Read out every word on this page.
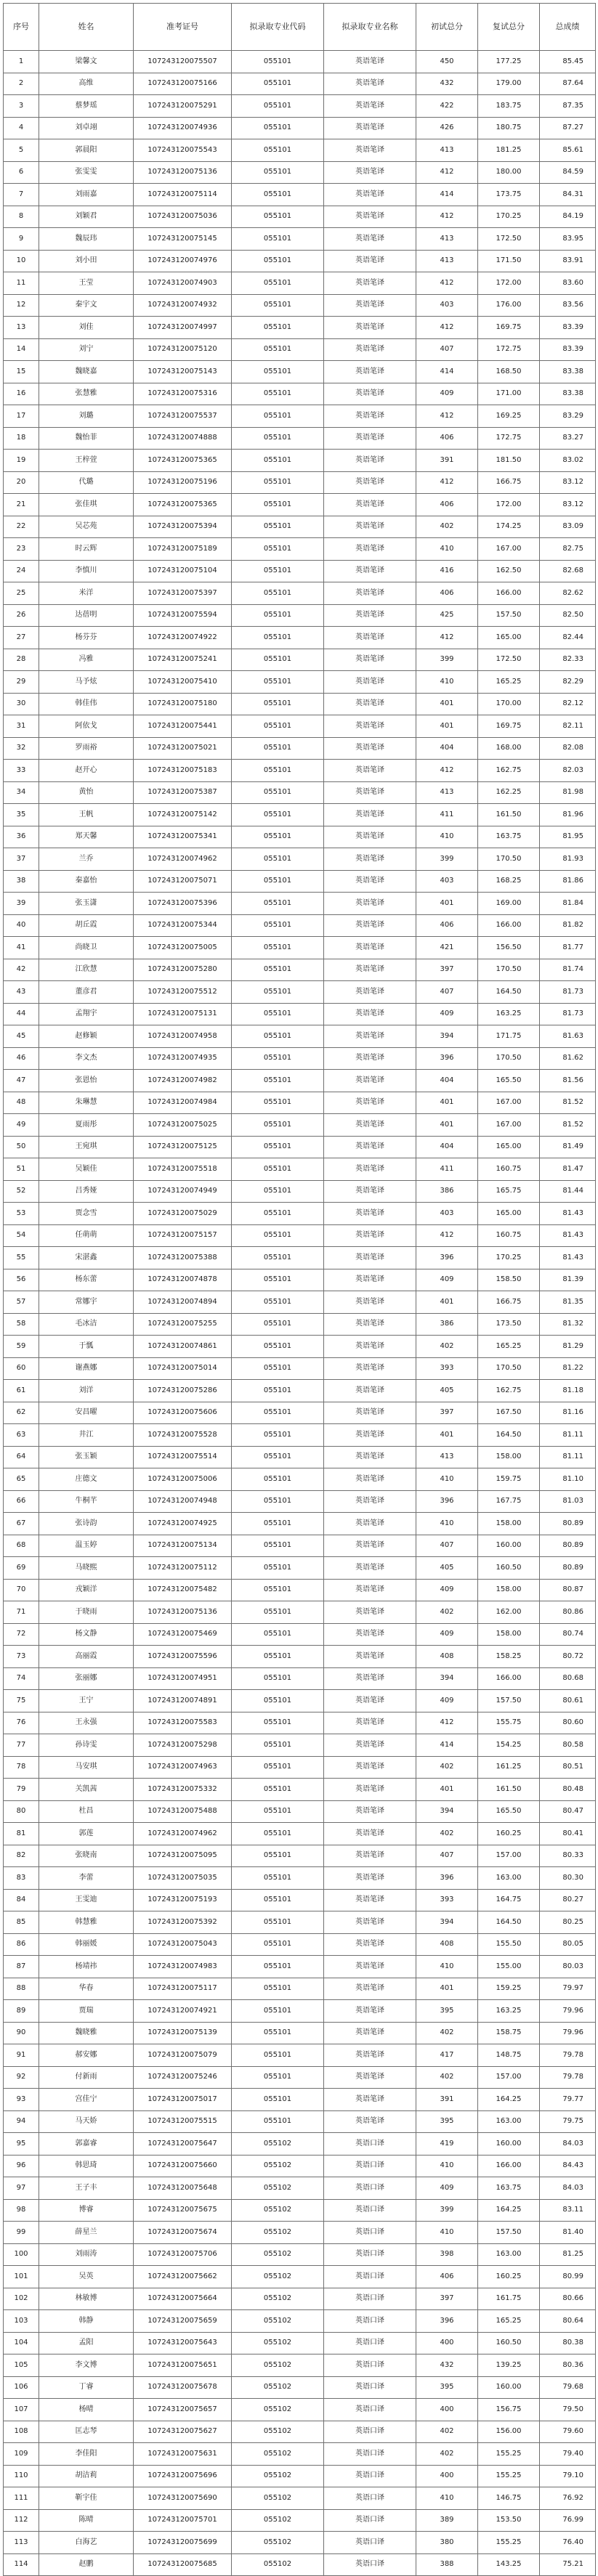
序号	姓名	准考证号	拟录取专业代码	拟录取专业名称	初试总分	复试总分	总成绩
1	梁馨文	107243120075507	055101	英语笔译	450	177.25	85.45
2	高维	107243120075166	055101	英语笔译	432	179.00	87.64
3	蔡梦瑶	107243120075291	055101	英语笔译	422	183.75	87.35
4	刘卓翊	107243120074936	055101	英语笔译	426	180.75	87.27
5	郭晨阳	107243120075543	055101	英语笔译	413	181.25	85.61
6	张雯雯	107243120075136	055101	英语笔译	412	180.00	84.59
7	刘雨嘉	107243120075114	055101	英语笔译	414	173.75	84.31
8	刘颖君	107243120075036	055101	英语笔译	412	170.25	84.19
9	魏辰玮	107243120075145	055101	英语笔译	413	172.50	83.95
10	刘小田	107243120074976	055101	英语笔译	413	171.50	83.91
11	王莹	107243120074903	055101	英语笔译	412	172.00	83.60
12	秦宇文	107243120074932	055101	英语笔译	403	176.00	83.56
13	刘佳	107243120074997	055101	英语笔译	412	169.75	83.39
14	刘宁	107243120075120	055101	英语笔译	407	172.75	83.39
15	魏晓嘉	107243120075143	055101	英语笔译	414	168.50	83.38
16	张慧雅	107243120075316	055101	英语笔译	409	171.00	83.38
17	刘璐	107243120075537	055101	英语笔译	412	169.25	83.29
18	魏怡菲	107243120074888	055101	英语笔译	406	172.75	83.27
19	王梓萱	107243120075365	055101	英语笔译	391	181.50	83.02
20	代璐	107243120075196	055101	英语笔译	412	166.75	83.12
21	张佳琪	107243120075365	055101	英语笔译	406	172.00	83.12
22	吴芯苑	107243120075394	055101	英语笔译	402	174.25	83.09
23	时云辉	107243120075189	055101	英语笔译	410	167.00	82.75
24	李慎川	107243120075104	055101	英语笔译	416	162.50	82.68
25	米洋	107243120075397	055101	英语笔译	406	166.00	82.62
26	达蓓明	107243120075594	055101	英语笔译	425	157.50	82.50
27	杨芬芬	107243120074922	055101	英语笔译	412	165.00	82.44
28	冯雅	107243120075241	055101	英语笔译	399	172.50	82.33
29	马予炫	107243120075410	055101	英语笔译	410	165.25	82.29
30	韩佳伟	107243120075180	055101	英语笔译	401	170.00	82.12
31	阿依戈	107243120075441	055101	英语笔译	401	169.75	82.11
32	罗雨裕	107243120075021	055101	英语笔译	404	168.00	82.08
33	赵开心	107243120075183	055101	英语笔译	412	162.75	82.03
34	黄怡	107243120075387	055101	英语笔译	413	162.25	81.98
35	王帆	107243120075142	055101	英语笔译	411	161.50	81.96
36	郑天馨	107243120075341	055101	英语笔译	410	163.75	81.95
37	兰乔	107243120074962	055101	英语笔译	399	170.50	81.93
38	秦嘉怡	107243120075071	055101	英语笔译	403	168.25	81.86
39	张玉潇	107243120075396	055101	英语笔译	401	169.00	81.84
40	胡丘霞	107243120075344	055101	英语笔译	406	166.00	81.82
41	尚晓卫	107243120075005	055101	英语笔译	421	156.50	81.77
42	江欣慧	107243120075280	055101	英语笔译	397	170.50	81.74
43	董彦君	107243120075512	055101	英语笔译	407	164.50	81.73
44	孟翔宇	107243120075131	055101	英语笔译	409	163.25	81.73
45	赵修颖	107243120074958	055101	英语笔译	394	171.75	81.63
46	李文杰	107243120074935	055101	英语笔译	396	170.50	81.62
47	张恩怡	107243120074982	055101	英语笔译	404	165.50	81.56
48	朱琳慧	107243120074984	055101	英语笔译	401	167.00	81.52
49	夏雨彤	107243120075025	055101	英语笔译	401	167.00	81.52
50	王宛琪	107243120075125	055101	英语笔译	404	165.00	81.49
51	吴颖佳	107243120075518	055101	英语笔译	411	160.75	81.47
52	吕秀娅	107243120074949	055101	英语笔译	386	165.75	81.44
53	贾念雪	107243120075029	055101	英语笔译	403	165.00	81.43
54	任萌萌	107243120075157	055101	英语笔译	412	160.75	81.43
55	宋湛鑫	107243120075388	055101	英语笔译	396	170.25	81.43
56	杨东蕾	107243120074878	055101	英语笔译	409	158.50	81.39
57	常娜宇	107243120074894	055101	英语笔译	401	166.75	81.35
58	毛冰洁	107243120075255	055101	英语笔译	386	173.50	81.32
59	于瓢	107243120074861	055101	英语笔译	402	165.25	81.29
60	谢燕娜	107243120075014	055101	英语笔译	393	170.50	81.22
61	刘洋	107243120075286	055101	英语笔译	405	162.75	81.18
62	安昌曜	107243120075606	055101	英语笔译	397	167.50	81.16
63	井江	107243120075528	055101	英语笔译	401	164.50	81.11
64	张玉颖	107243120075514	055101	英语笔译	413	158.00	81.11
65	庄德文	107243120075006	055101	英语笔译	410	159.75	81.10
66	牛桐芊	107243120074948	055101	英语笔译	396	167.75	81.03
67	张诗韵	107243120074925	055101	英语笔译	410	158.00	80.89
68	温玉婷	107243120075134	055101	英语笔译	407	160.00	80.89
69	马晓熙	107243120075112	055101	英语笔译	405	160.50	80.89
70	戎颖洋	107243120075482	055101	英语笔译	409	158.00	80.87
71	于晓雨	107243120075136	055101	英语笔译	402	162.00	80.86
72	杨文静	107243120075469	055101	英语笔译	409	158.00	80.74
73	高丽霞	107243120075596	055101	英语笔译	408	158.25	80.72
74	张丽娜	107243120074951	055101	英语笔译	394	166.00	80.68
75	王宁	107243120074891	055101	英语笔译	409	157.50	80.61
76	王永强	107243120075583	055101	英语笔译	412	155.75	80.60
77	孙诗雯	107243120075298	055101	英语笔译	414	154.25	80.58
78	马安琪	107243120074963	055101	英语笔译	402	161.25	80.51
79	关凯茜	107243120075332	055101	英语笔译	401	161.50	80.48
80	杜昌	107243120075488	055101	英语笔译	394	165.50	80.47
81	郭莲	107243120074962	055101	英语笔译	402	160.25	80.41
82	张晓南	107243120075095	055101	英语笔译	407	157.00	80.33
83	李蕾	107243120075035	055101	英语笔译	396	163.00	80.30
84	王雯迪	107243120075193	055101	英语笔译	393	164.75	80.27
85	韩慧雅	107243120075392	055101	英语笔译	394	164.50	80.25
86	韩丽媛	107243120075043	055101	英语笔译	408	155.50	80.05
87	杨靖祎	107243120074983	055101	英语笔译	410	155.00	80.03
88	华春	107243120075117	055101	英语笔译	401	159.25	79.97
89	贾瑞	107243120074921	055101	英语笔译	395	163.25	79.96
90	魏晓雅	107243120075139	055101	英语笔译	402	158.75	79.96
91	郝安娜	107243120075079	055101	英语笔译	417	148.75	79.78
92	付新雨	107243120075246	055101	英语笔译	402	157.00	79.78
93	宫佳宁	107243120075017	055101	英语笔译	391	164.25	79.77
94	马天娇	107243120075515	055101	英语笔译	395	163.00	79.75
95	郭嘉睿	107243120075647	055102	英语口译	419	160.00	84.03
96	韩思琦	107243120075660	055102	英语口译	410	166.00	84.43
97	王子丰	107243120075648	055102	英语口译	409	163.75	84.03
98	博睿	107243120075675	055102	英语口译	399	164.25	83.11
99	薛星兰	107243120075674	055102	英语口译	410	157.50	81.40
100	刘雨涛	107243120075706	055102	英语口译	398	163.00	81.25
101	吴英	107243120075662	055102	英语口译	406	160.25	80.99
102	林敏博	107243120075664	055102	英语口译	397	161.75	80.66
103	韩静	107243120075659	055102	英语口译	396	165.25	80.64
104	孟阳	107243120075643	055102	英语口译	400	160.50	80.38
105	李文博	107243120075651	055102	英语口译	432	139.25	80.36
106	丁睿	107243120075678	055102	英语口译	395	160.00	79.68
107	杨晴	107243120075657	055102	英语口译	400	156.75	79.50
108	匡志琴	107243120075627	055102	英语口译	402	156.00	79.60
109	李佳阳	107243120075631	055102	英语口译	402	155.25	79.40
110	胡洁莉	107243120075696	055102	英语口译	400	155.25	79.10
111	靳宇佳	107243120075690	055102	英语口译	410	146.75	76.92
112	陈晴	107243120075701	055102	英语口译	389	153.50	76.99
113	白海艺	107243120075699	055102	英语口译	380	155.25	76.40
114	赵鹏	107243120075685	055102	英语口译	388	143.25	75.21
